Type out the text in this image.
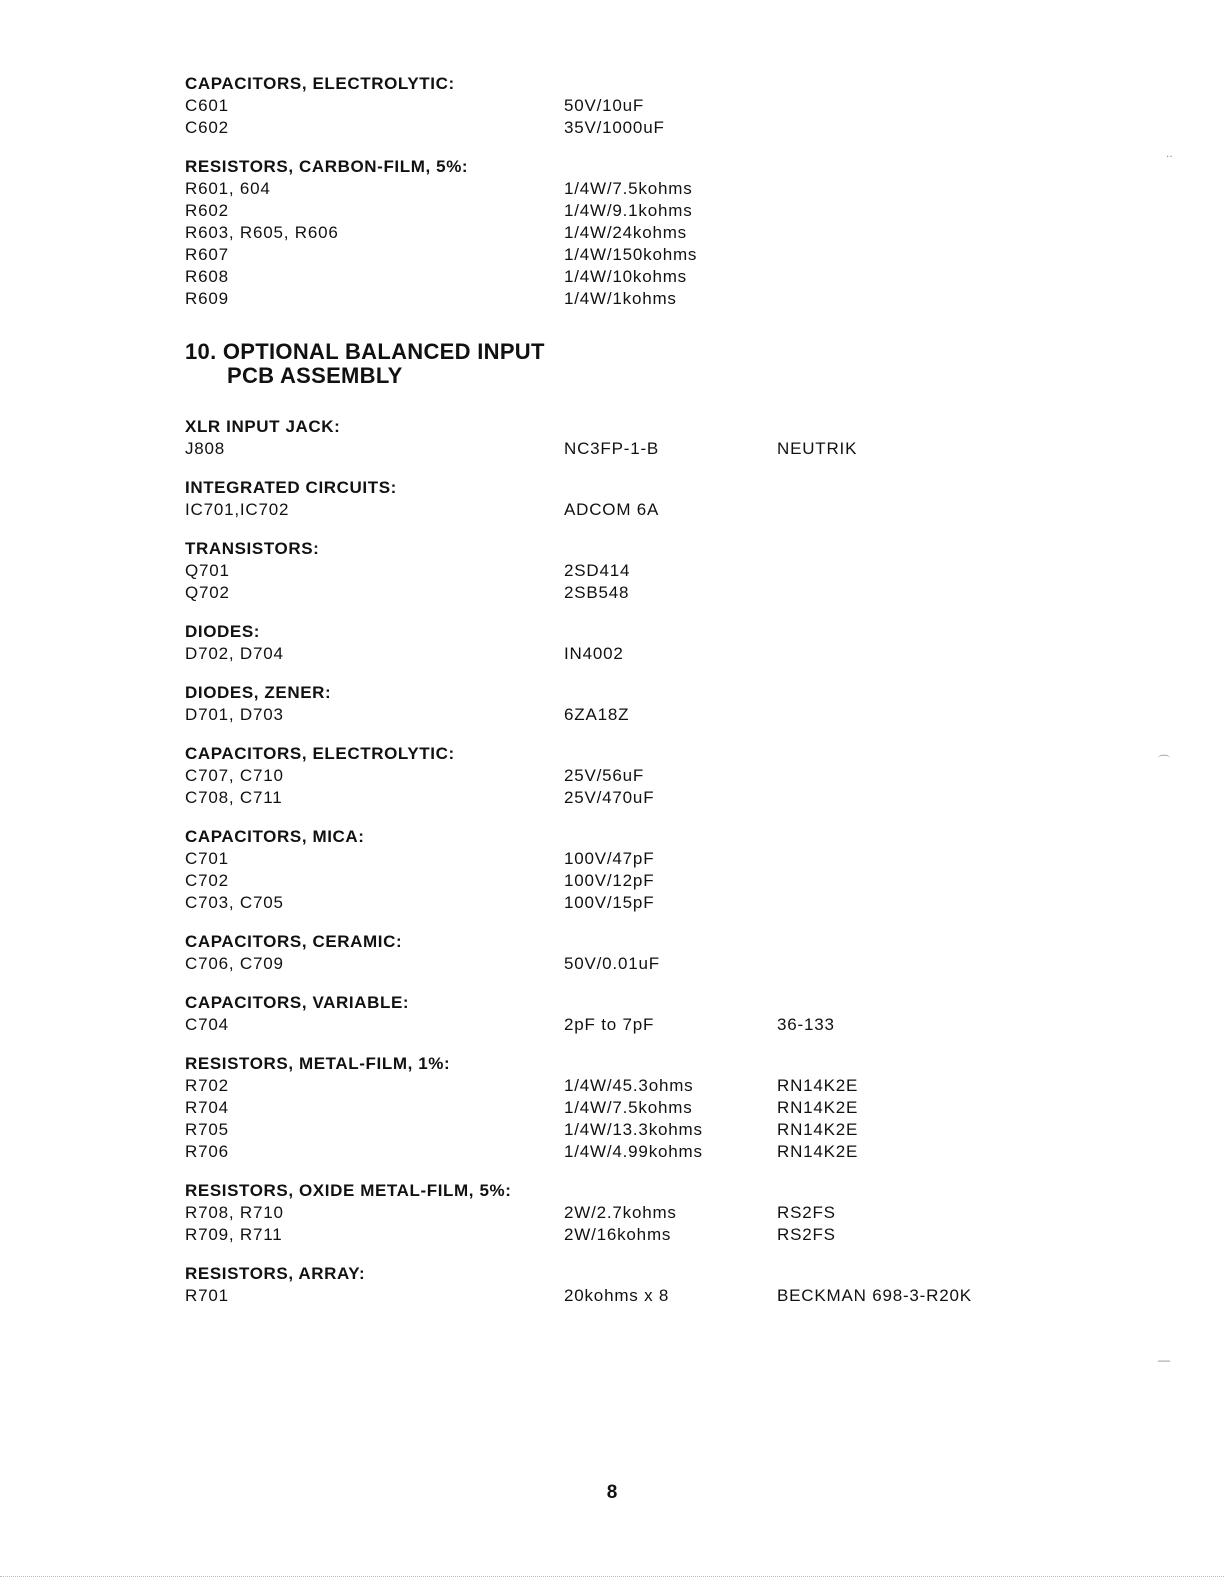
CAPACITORS, ELECTROLYTIC:
C601	50V/10uF
C602	35V/1000uF
RESISTORS, CARBON-FILM, 5%:
R601, 604	1/4W/7.5kohms
R602	1/4W/9.1kohms
R603, R605, R606	1/4W/24kohms
R607	1/4W/150kohms
R608	1/4W/10kohms
R609	1/4W/1kohms
10. OPTIONAL BALANCED INPUT
PCB ASSEMBLY
XLR INPUT JACK:
J808	NC3FP-1-B	NEUTRIK
INTEGRATED CIRCUITS:
IC701,IC702	ADCOM 6A
TRANSISTORS:
Q701	2SD414
Q702	2SB548
DIODES:
D702, D704	IN4002
DIODES, ZENER:
D701, D703	6ZA18Z
CAPACITORS, ELECTROLYTIC:
C707, C710	25V/56uF
C708, C711	25V/470uF
CAPACITORS, MICA:
C701	100V/47pF
C702	100V/12pF
C703, C705	100V/15pF
CAPACITORS, CERAMIC:
C706, C709	50V/0.01uF
CAPACITORS, VARIABLE:
C704	2pF to 7pF	36-133
RESISTORS, METAL-FILM, 1%:
R702	1/4W/45.3ohms	RN14K2E
R704	1/4W/7.5kohms	RN14K2E
R705	1/4W/13.3kohms	RN14K2E
R706	1/4W/4.99kohms	RN14K2E
RESISTORS, OXIDE METAL-FILM, 5%:
R708, R710	2W/2.7kohms	RS2FS
R709, R711	2W/16kohms	RS2FS
RESISTORS, ARRAY:
R701	20kohms x 8	BECKMAN 698-3-R20K
8
..
⌒
—
